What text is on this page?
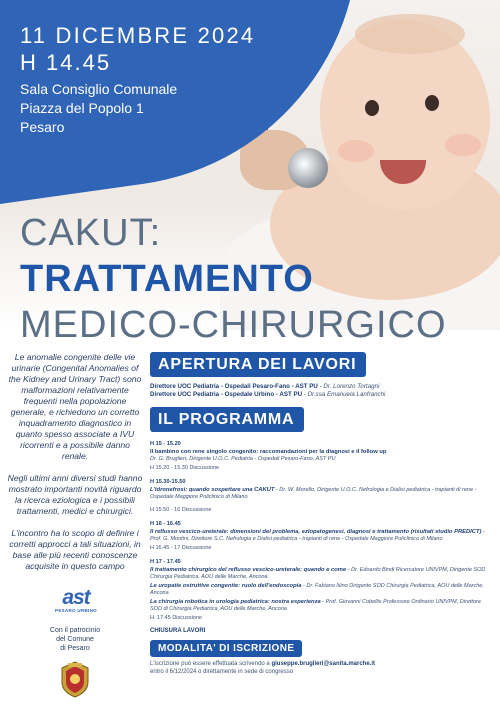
11 DICEMBRE 2024
H 14.45
Sala Consiglio Comunale
Piazza del Popolo 1
Pesaro
CAKUT:
TRATTAMENTO
MEDICO-CHIRURGICO

Le anomalie congenite delle vie urinarie (Congenital Anomalies of the Kidney and Urinary Tract) sono malformazioni relativamente frequenti nella popolazione generale, e richiedono un corretto inquadramento diagnostico in quanto spesso associate a IVU ricorrenti e a possibile danno renale.

Negli ultimi anni diversi studi hanno mostrato importanti novità riguardo la ricerca eziologica e i possibili trattamenti, medici e chirurgici.

L'incontro ha lo scopo di definire i corretti approcci a tali situazioni, in base alle più recenti conoscenze acquisite in questo campo

ast
PESARO URBINO
Con il patrocinio
del Comune
di Pesaro
APERTURA DEI LAVORI
Direttore UOC Pediatria - Ospedali Pesaro-Fano - AST PU - Dr. Lorenzo Tortagni
Direttore UOC Pediatria - Ospedale Urbino - AST PU - Dr.ssa Emanuela Lanfranchi
IL PROGRAMMA
H 15 - 15.20
Il bambino con rene singolo congenito: raccomandazioni per la diagnosi e il follow up
Dr. G. Bruglieri, Dirigente U.O.C. Pediatria - Ospedali Pesaro-Fano, AST PU
H 15.20 - 15.30 Discussione
H 15.30-15.50
L'idronefrosi: quando sospettare una CAKUT - Dr. W. Morello, Dirigente U.O.C. Nefrologia e Dialisi pediatrica - trapianti di rene - Ospedale Maggiore Policlinico di Milano
H 15.50 - 16 Discussione
H 16 - 16.45
Il reflusso vescico-ureterale: dimensioni del problema, eziopatogenesi, diagnosi e trattamento (risultati studio PREDICT) - Prof. G. Montini, Direttore S.C. Nefrologia e Dialisi pediatrica - trapianti di rene - Ospedale Maggiore Policlinico di Milano
H 16.45 - 17 Discussione
H 17 - 17.45
Il trattamento chirurgico del reflusso vescico-ureterale: quando e come - Dr. Edoardo Bindi Ricercatore UNIVPM, Dirigente SOD Chirurgia Pediatrica, AOU delle Marche, Ancona
Le uropatie ostruttive congenite: ruolo dell'endoscopia - Dr. Fabiano Nino Dirigente SOD Chirurgia Pediatrica, AOU delle Marche, Ancona
La chirurgia robotica in urologia pediatrica: nostra esperienza - Prof. Giovanni Cobellis Professore Ordinario UNIVPM, Direttore SOD di Chirurgia Pediatrica, AOU delle Marche, Ancona
H. 17.45 Discussione
CHIUSURA LAVORI
MODALITA' DI ISCRIZIONE
L'iscrizione può essere effettuata scrivendo a giuseppe.bruglieri@sanita.marche.it
entro il 6/12/2024 o direttamente in sede di congresso
